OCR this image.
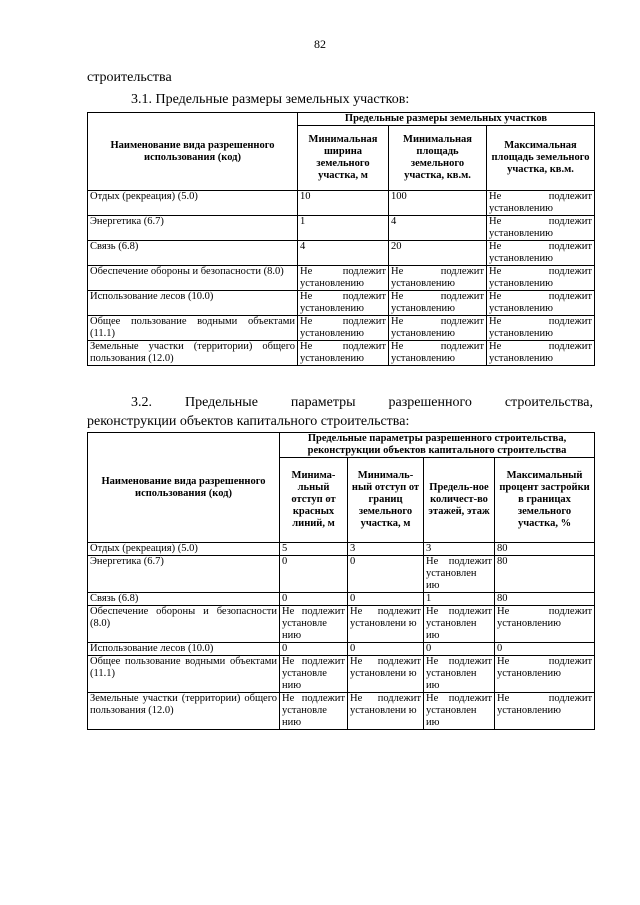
82
строительства
3.1. Предельные размеры земельных участков:
Наименование вида разрешенного использования (код)	Предельные размеры земельных участков		
	Минимальная ширина земельного участка, м	Минимальная площадь земельного участка, кв.м.	Максимальная площадь земельного участка, кв.м.
Отдых (рекреация) (5.0)	10	100	Не подлежит установлению
Энергетика (6.7)	1	4	Не подлежит установлению
Связь (6.8)	4	20	Не подлежит установлению
Обеспечение обороны и безопасности (8.0)	Не подлежит установлению	Не подлежит установлению	Не подлежит установлению
Использование лесов (10.0)	Не подлежит установлению	Не подлежит установлению	Не подлежит установлению
Общее пользование водными объектами (11.1)	Не подлежит установлению	Не подлежит установлению	Не подлежит установлению
Земельные участки (территории) общего пользования (12.0)	Не подлежит установлению	Не подлежит установлению	Не подлежит установлению
3.2. Предельные параметры разрешенного строительства,
реконструкции объектов капитального строительства:
Наименование вида разрешенного использования (код)	Предельные параметры разрешенного строительства, реконструкции объектов капитального строительства			
	Минима-льный отступ от красных линий, м	Минималь-ный отступ от границ земельного участка, м	Предель-ное количест-во этажей, этаж	Максимальный процент застройки в границах земельного участка, %
Отдых (рекреация) (5.0)	5	3	3	80
Энергетика (6.7)	0	0	Не подлежит установлен ию	80
Связь (6.8)	0	0	1	80
Обеспечение обороны и безопасности (8.0)	Не подлежит установле нию	Не подлежит установлени ю	Не подлежит установлен ию	Не подлежит установлению
Использование лесов (10.0)	0	0	0	0
Общее пользование водными объектами (11.1)	Не подлежит установле нию	Не подлежит установлени ю	Не подлежит установлен ию	Не подлежит установлению
Земельные участки (территории) общего пользования (12.0)	Не подлежит установле нию	Не подлежит установлени ю	Не подлежит установлен ию	Не подлежит установлению
